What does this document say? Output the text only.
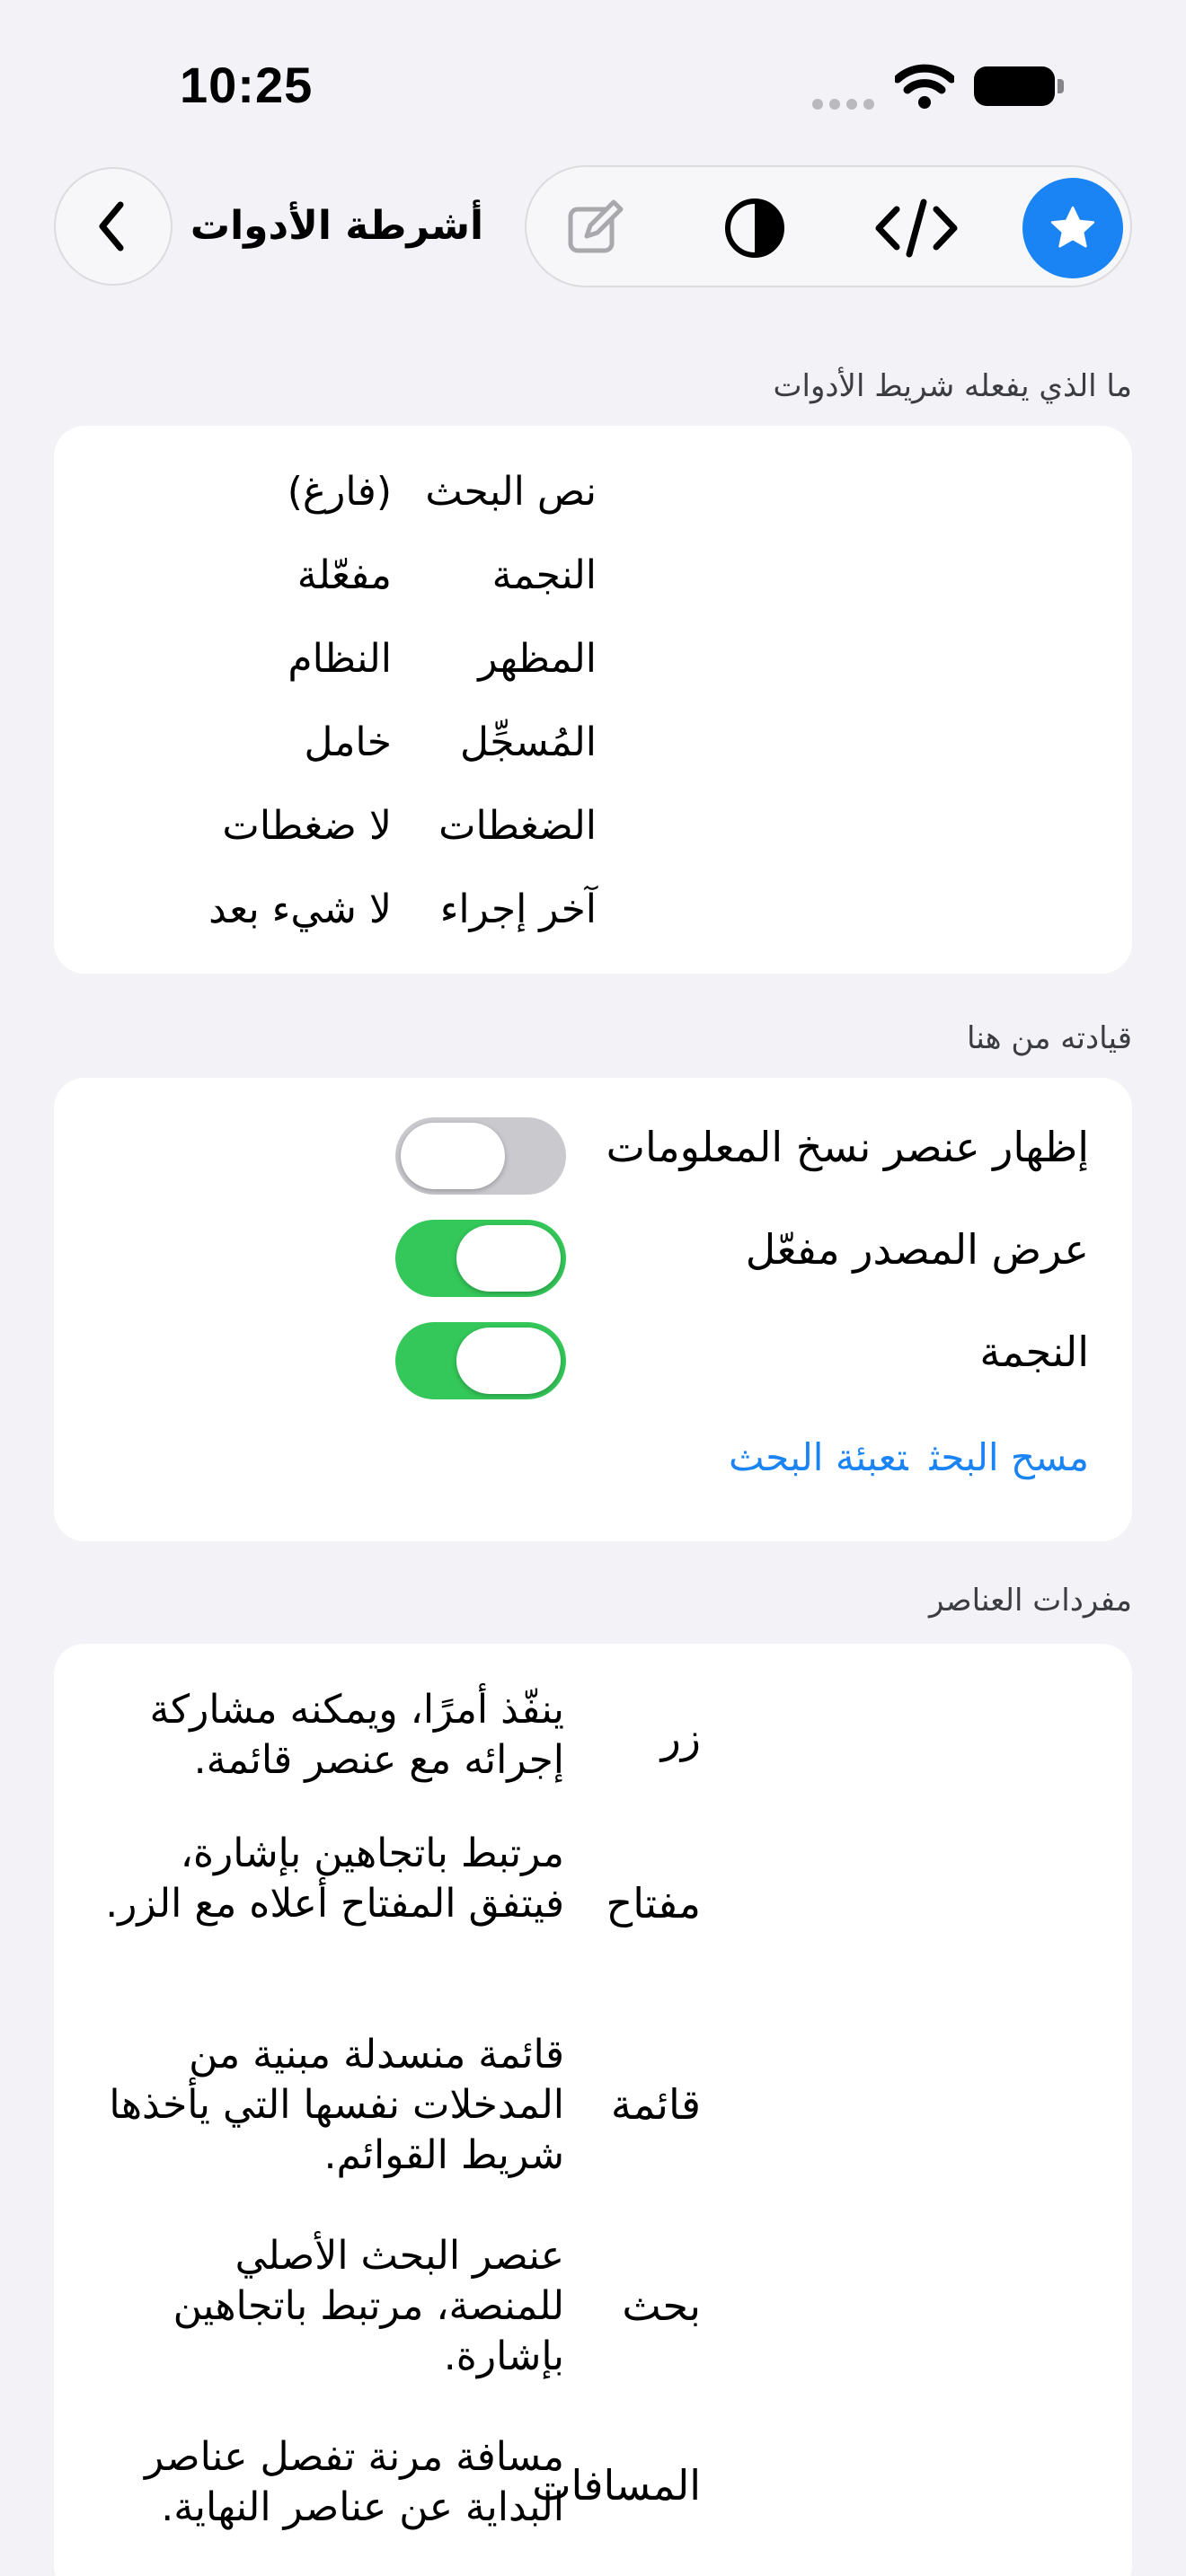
10:25
أشرطة الأدوات
ما الذي يفعله شريط الأدوات
نص البحث
(فارغ)
النجمة
مفعّلة
المظهر
النظام
المُسجِّل
خامل
الضغطات
لا ضغطات
آخر إجراء
لا شيء بعد
قيادته من هنا
إظهار عنصر نسخ المعلومات
عرض المصدر مفعّل
النجمة
مسح البحثتعبئة البحث
مفردات العناصر
زر
ينفّذ أمرًا، ويمكنه مشاركة إجرائه مع عنصر قائمة.
مفتاح
مرتبط باتجاهين بإشارة، فيتفق المفتاح أعلاه مع الزر.
قائمة
قائمة منسدلة مبنية من المدخلات نفسها التي يأخذها شريط القوائم.
بحث
عنصر البحث الأصلي للمنصة، مرتبط باتجاهين بإشارة.
المسافات
مسافة مرنة تفصل عناصر البداية عن عناصر النهاية.
